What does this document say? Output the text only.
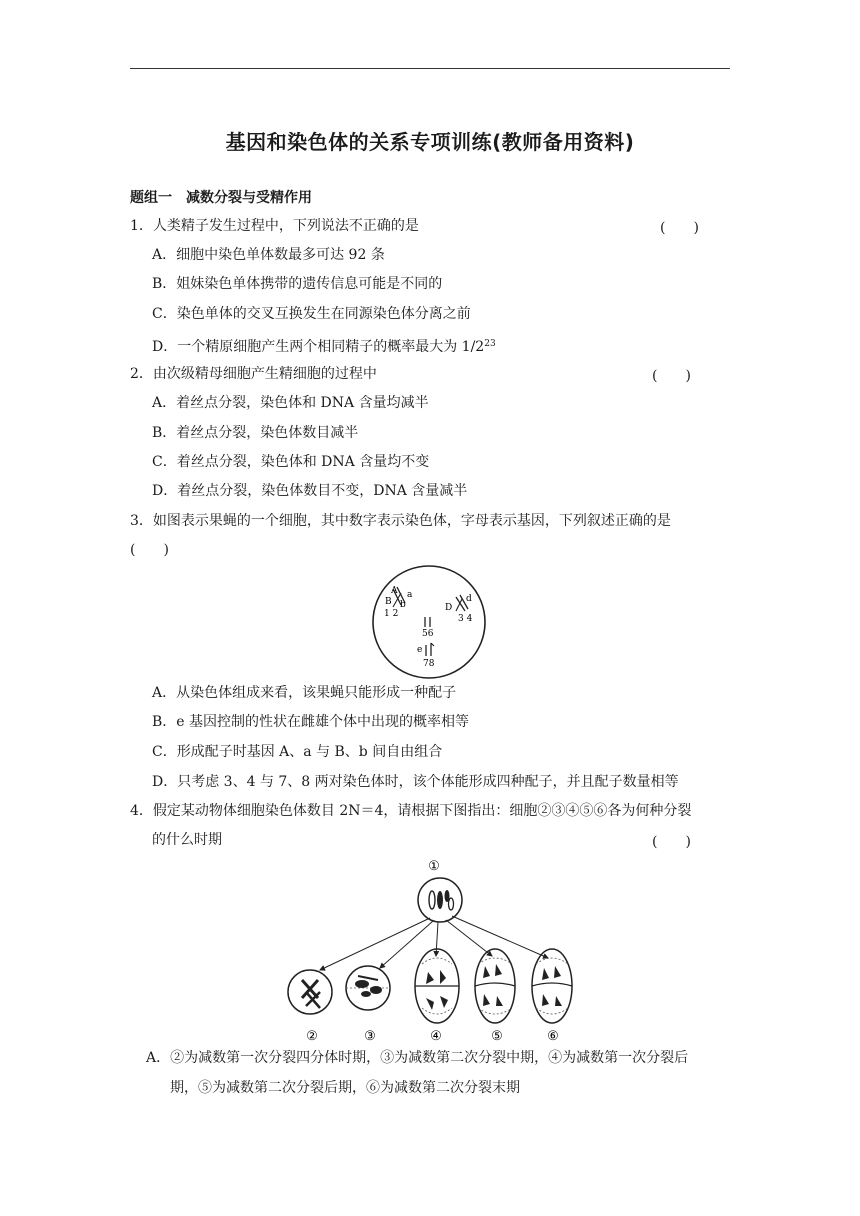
基因和染色体的关系专项训练(教师备用资料)
题组一　减数分裂与受精作用
1．人类精子发生过程中，下列说法不正确的是	(　　)
A．细胞中染色单体数最多可达 92 条
B．姐妹染色单体携带的遗传信息可能是不同的
C．染色单体的交叉互换发生在同源染色体分离之前
D．一个精原细胞产生两个相同精子的概率最大为 $1/2^{23}$
2．由次级精母细胞产生精细胞的过程中	(　　)
A．着丝点分裂，染色体和 DNA 含量均减半
B．着丝点分裂，染色体数目减半
C．着丝点分裂，染色体和 DNA 含量均不变
D．着丝点分裂，染色体数目不变，DNA 含量减半
3．如图表示果蝇的一个细胞，其中数字表示染色体，字母表示基因，下列叙述正确的是
(　　)
A a
B b
1 2
D
d
3 4
56
e
78
A．从染色体组成来看，该果蝇只能形成一种配子
B．e 基因控制的性状在雌雄个体中出现的概率相等
C．形成配子时基因 A、a 与 B、b 间自由组合
D．只考虑 3、4 与 7、8 两对染色体时，该个体能形成四种配子，并且配子数量相等
4．假定某动物体细胞染色体数目 2N＝4，请根据下图指出：细胞②③④⑤⑥各为何种分裂
的什么时期	(　　)
①
②	③	④	⑤	⑥
A．②为减数第一次分裂四分体时期，③为减数第二次分裂中期，④为减数第一次分裂后
期，⑤为减数第二次分裂后期，⑥为减数第二次分裂末期
